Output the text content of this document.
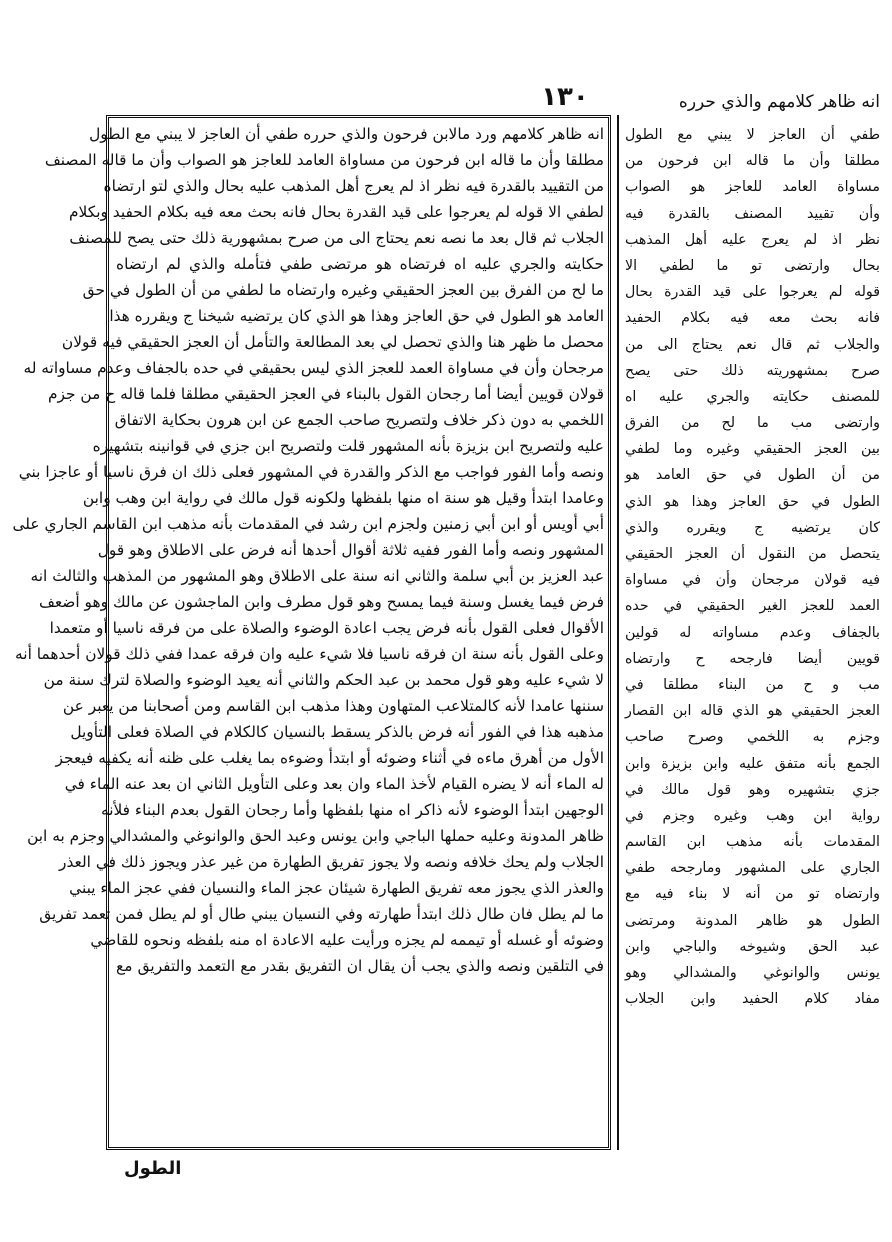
١٣٠	انه ظاهر كلامهم والذي حرره
انه ظاهر كلامهم ورد مالابن فرحون والذي حرره طفي أن العاجز لا يبني مع الطول
مطلقا وأن ما قاله ابن فرحون من مساواة العامد للعاجز هو الصواب وأن ما قاله المصنف
من التقييد بالقدرة فيه نظر اذ لم يعرج أهل المذهب عليه بحال والذي لتو ارتضاه
لطفي الا قوله لم يعرجوا على قيد القدرة بحال فانه بحث معه فيه بكلام الحفيد وبكلام
الجلاب ثم قال بعد ما نصه نعم يحتاج الى من صرح بمشهورية ذلك حتى يصح للمصنف
حكايته والجري عليه اه فرتضاه هو مرتضى طفي فتأمله والذي لم ارتضاه
ما لح من الفرق بين العجز الحقيقي وغيره وارتضاه ما لطفي من أن الطول في حق
العامد هو الطول في حق العاجز وهذا هو الذي كان يرتضيه شيخنا ج ويقرره هذا
محصل ما ظهر هنا والذي تحصل لي بعد المطالعة والتأمل أن العجز الحقيقي فيه قولان
مرجحان وأن في مساواة العمد للعجز الذي ليس بحقيقي في حده بالجفاف وعدم مساواته له
قولان قويين أيضا أما رجحان القول بالبناء في العجز الحقيقي مطلقا فلما قاله ح من جزم
اللخمي به دون ذكر خلاف ولتصريح صاحب الجمع عن ابن هرون بحكاية الاتفاق
عليه ولتصريح ابن بزيزة بأنه المشهور قلت ولتصريح ابن جزي في قوانينه بتشهيره
ونصه وأما الفور فواجب مع الذكر والقدرة في المشهور فعلى ذلك ان فرق ناسيا أو عاجزا بني
وعامدا ابتدأ وقيل هو سنة اه منها بلفظها ولكونه قول مالك في رواية ابن وهب وابن
أبي أويس أو ابن أبي زمنين ولجزم ابن رشد في المقدمات بأنه مذهب ابن القاسم الجاري على
المشهور ونصه وأما الفور ففيه ثلاثة أقوال أحدها أنه فرض على الاطلاق وهو قول
عبد العزيز بن أبي سلمة والثاني انه سنة على الاطلاق وهو المشهور من المذهب والثالث انه
فرض فيما يغسل وسنة فيما يمسح وهو قول مطرف وابن الماجشون عن مالك وهو أضعف
الأقوال فعلى القول بأنه فرض يجب اعادة الوضوء والصلاة على من فرقه ناسيا أو متعمدا
وعلى القول بأنه سنة ان فرقه ناسيا فلا شيء عليه وان فرقه عمدا ففي ذلك قولان أحدهما أنه
لا شيء عليه وهو قول محمد بن عبد الحكم والثاني أنه يعيد الوضوء والصلاة لترك سنة من
سننها عامدا لأنه كالمتلاعب المتهاون وهذا مذهب ابن القاسم ومن أصحابنا من يعبر عن
مذهبه هذا في الفور أنه فرض بالذكر يسقط بالنسيان كالكلام في الصلاة فعلى التأويل
الأول من أهرق ماءه في أثناء وضوئه أو ابتدأ وضوءه بما يغلب على ظنه أنه يكفيه فيعجز
له الماء أنه لا يضره القيام لأخذ الماء وان بعد وعلى التأويل الثاني ان بعد عنه الماء في
الوجهين ابتدأ الوضوء لأنه ذاكر اه منها بلفظها وأما رجحان القول بعدم البناء فلأنه
ظاهر المدونة وعليه حملها الباجي وابن يونس وعبد الحق والوانوغي والمشدالي وجزم به ابن
الجلاب ولم يحك خلافه ونصه ولا يجوز تفريق الطهارة من غير عذر ويجوز ذلك في العذر
والعذر الذي يجوز معه تفريق الطهارة شيئان عجز الماء والنسيان ففي عجز الماء يبني
ما لم يطل فان طال ذلك ابتدأ طهارته وفي النسيان يبني طال أو لم يطل فمن تعمد تفريق
وضوئه أو غسله أو تيممه لم يجزه ورأيت عليه الاعادة اه منه بلفظه ونحوه للقاضي
في التلقين ونصه والذي يجب أن يقال ان التفريق بقدر مع التعمد والتفريق مع
طفي أن العاجز لا يبني مع الطول
مطلقا وأن ما قاله ابن فرحون من
مساواة العامد للعاجز هو الصواب
وأن تقييد المصنف بالقدرة فيه
نظر اذ لم يعرج عليه أهل المذهب
بحال وارتضى تو ما لطفي الا
قوله لم يعرجوا على قيد القدرة بحال
فانه بحث معه فيه بكلام الحفيد
والجلاب ثم قال نعم يحتاج الى من
صرح بمشهوريته ذلك حتى يصح
للمصنف حكايته والجري عليه اه
وارتضى مب ما لح من الفرق
بين العجز الحقيقي وغيره وما لطفي
من أن الطول في حق العامد هو
الطول في حق العاجز وهذا هو الذي
كان يرتضيه ج ويقرره والذي
يتحصل من النقول أن العجز الحقيقي
فيه قولان مرجحان وأن في مساواة
العمد للعجز الغير الحقيقي في حده
بالجفاف وعدم مساواته له قولين
قويين أيضا فارجحه ح وارتضاه
مب و ح من البناء مطلقا في
العجز الحقيقي هو الذي قاله ابن القصار
وجزم به اللخمي وصرح صاحب
الجمع بأنه متفق عليه وابن بزيزة وابن
جزي بتشهيره وهو قول مالك في
رواية ابن وهب وغيره وجزم في
المقدمات بأنه مذهب ابن القاسم
الجاري على المشهور ومارجحه طفي
وارتضاه تو من أنه لا بناء فيه مع
الطول هو ظاهر المدونة ومرتضى
عبد الحق وشيوخه والباجي وابن
يونس والوانوغي والمشدالي وهو
مفاد كلام الحفيد وابن الجلاب
الطول
